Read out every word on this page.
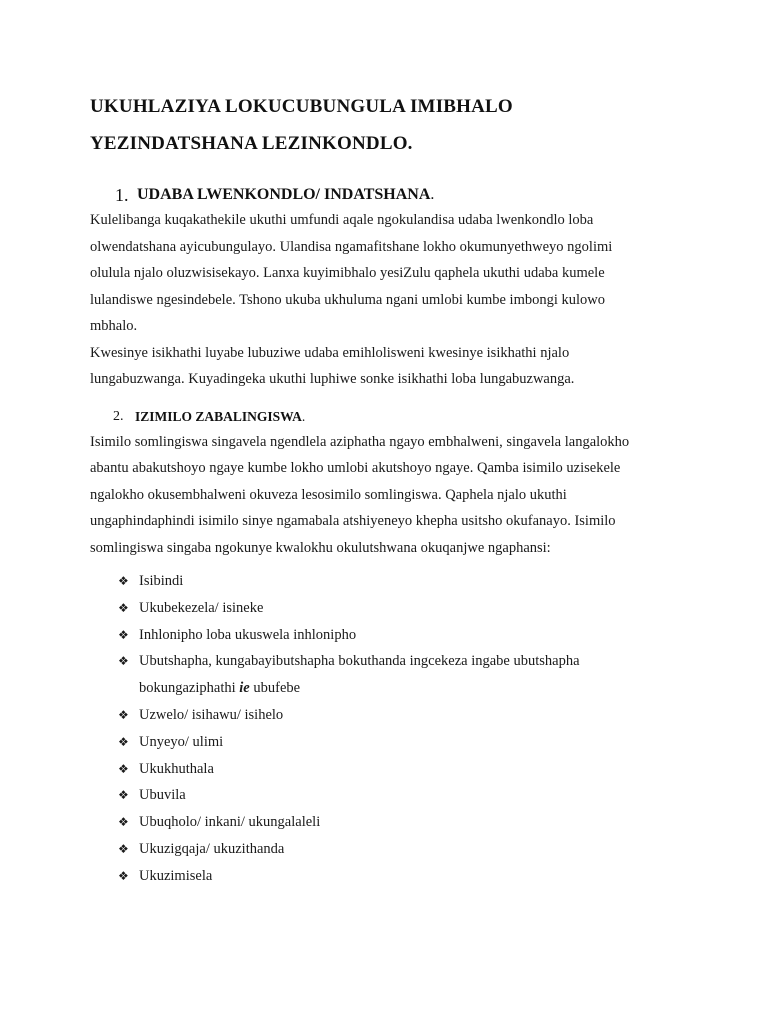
UKUHLAZIYA LOKUCUBUNGULA IMIBHALO
YEZINDATSHANA LEZINKONDLO.
1. UDABA LWENKONDLO/ INDATSHANA.

Kulelibanga kuqakathekile ukuthi umfundi aqale ngokulandisa udaba lwenkondlo loba
olwendatshana ayicubungulayo. Ulandisa ngamafitshane lokho okumunyethweyo ngolimi
olulula njalo oluzwisisekayo. Lanxa kuyimibhalo yesiZulu qaphela ukuthi udaba kumele
lulandiswe ngesindebele. Tshono ukuba ukhuluma ngani umlobi kumbe imbongi kulowo
mbhalo.

Kwesinye isikhathi luyabe lubuziwe udaba emihlolisweni kwesinye isikhathi njalo
lungabuzwanga. Kuyadingeka ukuthi luphiwe sonke isikhathi loba lungabuzwanga.

2. IZIMILO ZABALINGISWA.

Isimilo somlingiswa singavela ngendlela aziphatha ngayo embhalweni, singavela langalokho
abantu abakutshoyo ngaye kumbe lokho umlobi akutshoyo ngaye. Qamba isimilo uzisekele
ngalokho okusembhalweni okuveza lesosimilo somlingiswa. Qaphela njalo ukuthi
ungaphindaphindi isimilo sinye ngamabala atshiyeneyo khepha usitsho okufanayo. Isimilo
somlingiswa singaba ngokunye kwalokhu okulutshwana okuqanjwe ngaphansi:

❖ Isibindi
❖ Ukubekezela/ isineke
❖ Inhlonipho loba ukuswela inhlonipho
❖ Ubutshapha, kungabayibutshapha bokuthanda ingcekeza ingabe ubutshapha
bokungaziphathi ie ubufebe
❖ Uzwelo/ isihawu/ isihelo
❖ Unyeyo/ ulimi
❖ Ukukhuthala
❖ Ubuvila
❖ Ubuqholo/ inkani/ ukungalaleli
❖ Ukuzigqaja/ ukuzithanda
❖ Ukuzimisela
